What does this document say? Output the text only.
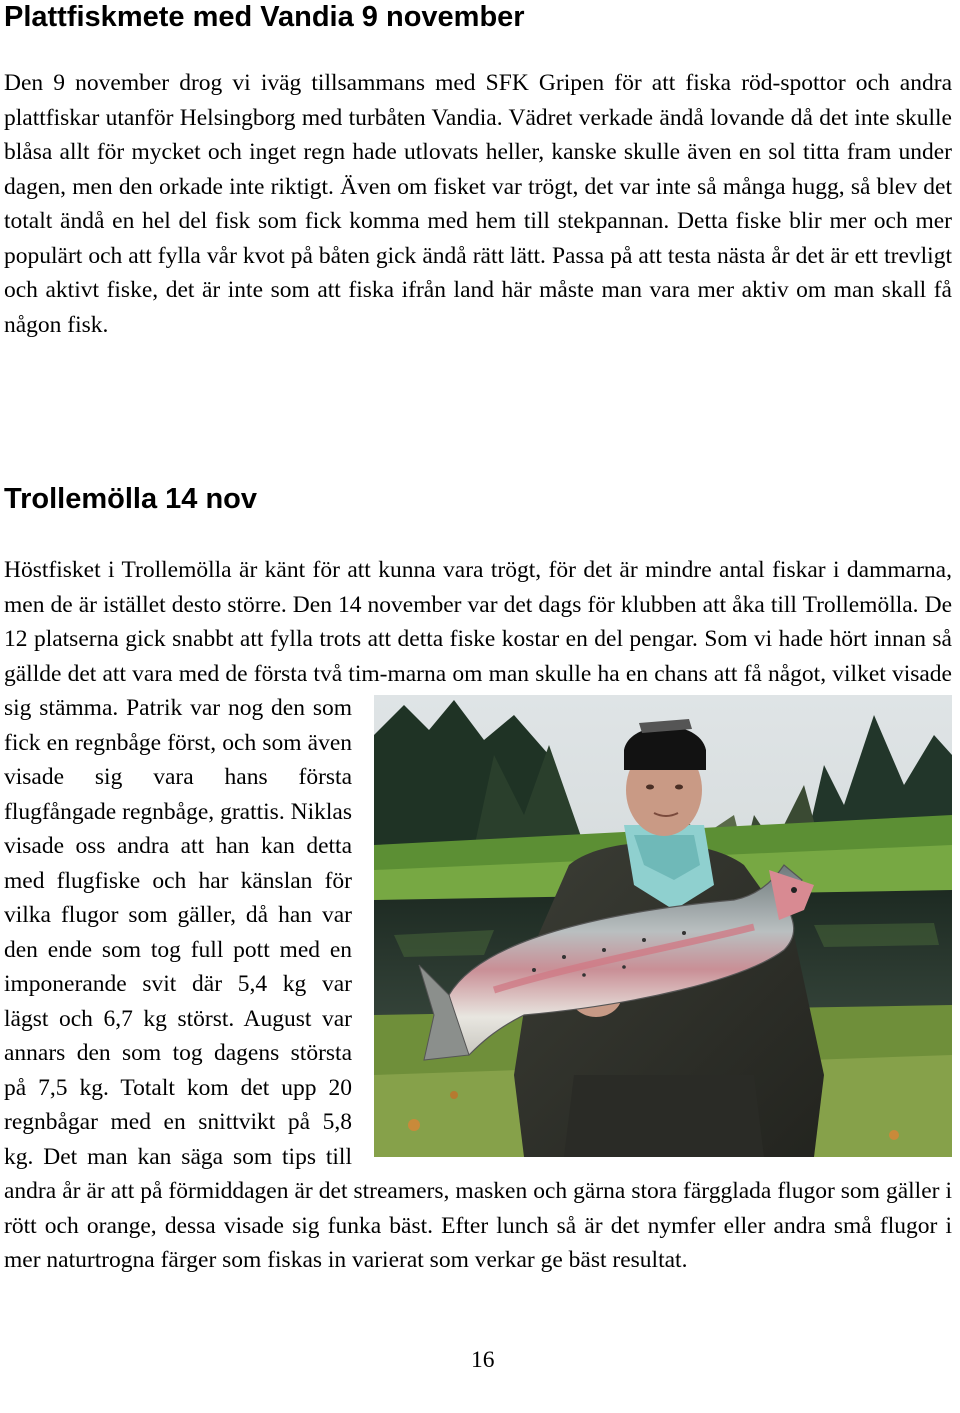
Plattfiskmete med Vandia 9 november
Den 9 november drog vi iväg tillsammans med SFK Gripen för att fiska röd-spottor och andra plattfiskar utanför Helsingborg med turbåten Vandia. Vädret verkade ändå lovande då det inte skulle blåsa allt för mycket och inget regn hade utlovats heller, kanske skulle även en sol titta fram under dagen, men den orkade inte riktigt. Även om fisket var trögt, det var inte så många hugg, så blev det totalt ändå en hel del fisk som fick komma med hem till stekpannan. Detta fiske blir mer och mer populärt och att fylla vår kvot på båten gick ändå rätt lätt. Passa på att testa nästa år det är ett trevligt och aktivt fiske, det är inte som att fiska ifrån land här måste man vara mer aktiv om man skall få någon fisk.
Trollemölla 14 nov
Höstfisket i Trollemölla är känt för att kunna vara trögt, för det är mindre antal fiskar i dammarna, men de är istället desto större. Den 14 november var det dags för klubben att åka till Trollemölla. De 12 platserna gick snabbt att fylla trots att detta fiske kostar en del pengar. Som vi hade hört innan så gällde det att vara med de första två tim-marna om man skulle ha en chans att få något, vilket visade sig stämma. Patrik var nog den som fick en regnbåge först, och som även visade sig vara hans första flugfångade regnbåge, grattis. Niklas visade oss andra att han kan detta med flugfiske och har känslan för vilka flugor som gäller, då han var den ende som tog full pott med en imponerande svit där 5,4 kg var lägst och 6,7 kg störst. August var annars den som tog dagens största på 7,5 kg. Totalt kom det upp 20 regnbågar med en snittvikt på 5,8 kg. Det man kan säga som tips till andra år är att på förmiddagen är det streamers, masken och gärna stora färgglada flugor som gäller i rött och orange, dessa visade sig funka bäst. Efter lunch så är det nymfer eller andra små flugor i mer naturtrogna färger som fiskas in varierat som verkar ge bäst resultat.
16
